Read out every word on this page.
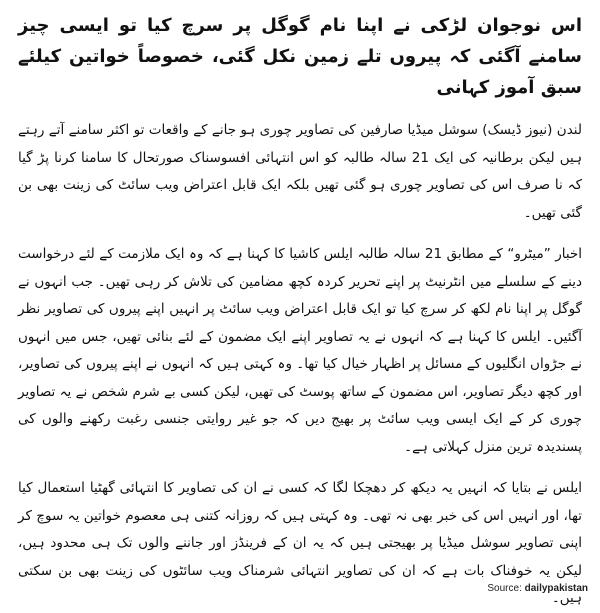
اس نوجوان لڑکی نے اپنا نام گوگل پر سرچ کیا تو ایسی چیز سامنے آگئی کہ پیروں تلے زمین نکل گئی، خصوصاً خواتین کیلئے سبق آموز کہانی

لندن (نیوز ڈیسک) سوشل میڈیا صارفین کی تصاویر چوری ہو جانے کے واقعات تو اکثر سامنے آتے رہتے ہیں لیکن برطانیہ کی ایک 21 سالہ طالبہ کو اس انتہائی افسوسناک صورتحال کا سامنا کرنا پڑ گیا کہ نا صرف اس کی تصاویر چوری ہو گئی تھیں بلکہ ایک قابل اعتراض ویب سائٹ کی زینت بھی بن گئی تھیں۔

اخبار ”میٹرو“ کے مطابق 21 سالہ طالبہ ایلس کاشیا کا کہنا ہے کہ وہ ایک ملازمت کے لئے درخواست دینے کے سلسلے میں انٹرنیٹ پر اپنے تحریر کردہ کچھ مضامین کی تلاش کر رہی تھیں۔ جب انہوں نے گوگل پر اپنا نام لکھ کر سرچ کیا تو ایک قابل اعتراض ویب سائٹ پر انہیں اپنے پیروں کی تصاویر نظر آگئیں۔ ایلس کا کہنا ہے کہ انہوں نے یہ تصاویر اپنے ایک مضمون کے لئے بنائی تھیں، جس میں انہوں نے جڑواں انگلیوں کے مسائل پر اظہار خیال کیا تھا۔ وہ کہتی ہیں کہ انہوں نے اپنے پیروں کی تصاویر، اور کچھ دیگر تصاویر، اس مضمون کے ساتھ پوسٹ کی تھیں، لیکن کسی بے شرم شخص نے یہ تصاویر چوری کر کے ایک ایسی ویب سائٹ پر بھیج دیں کہ جو غیر روایتی جنسی رغبت رکھنے والوں کی پسندیدہ ترین منزل کہلاتی ہے۔

ایلس نے بتایا کہ انہیں یہ دیکھ کر دھچکا لگا کہ کسی نے ان کی تصاویر کا انتہائی گھٹیا استعمال کیا تھا، اور انہیں اس کی خبر بھی نہ تھی۔ وہ کہتی ہیں کہ روزانہ کتنی ہی معصوم خواتین یہ سوچ کر اپنی تصاویر سوشل میڈیا پر بھیجتی ہیں کہ یہ ان کے فرینڈز اور جاننے والوں تک ہی محدود ہیں، لیکن یہ خوفناک بات ہے کہ ان کی تصاویر انتہائی شرمناک ویب سائٹوں کی زینت بھی بن سکتی ہیں۔

Source: dailypakistan
